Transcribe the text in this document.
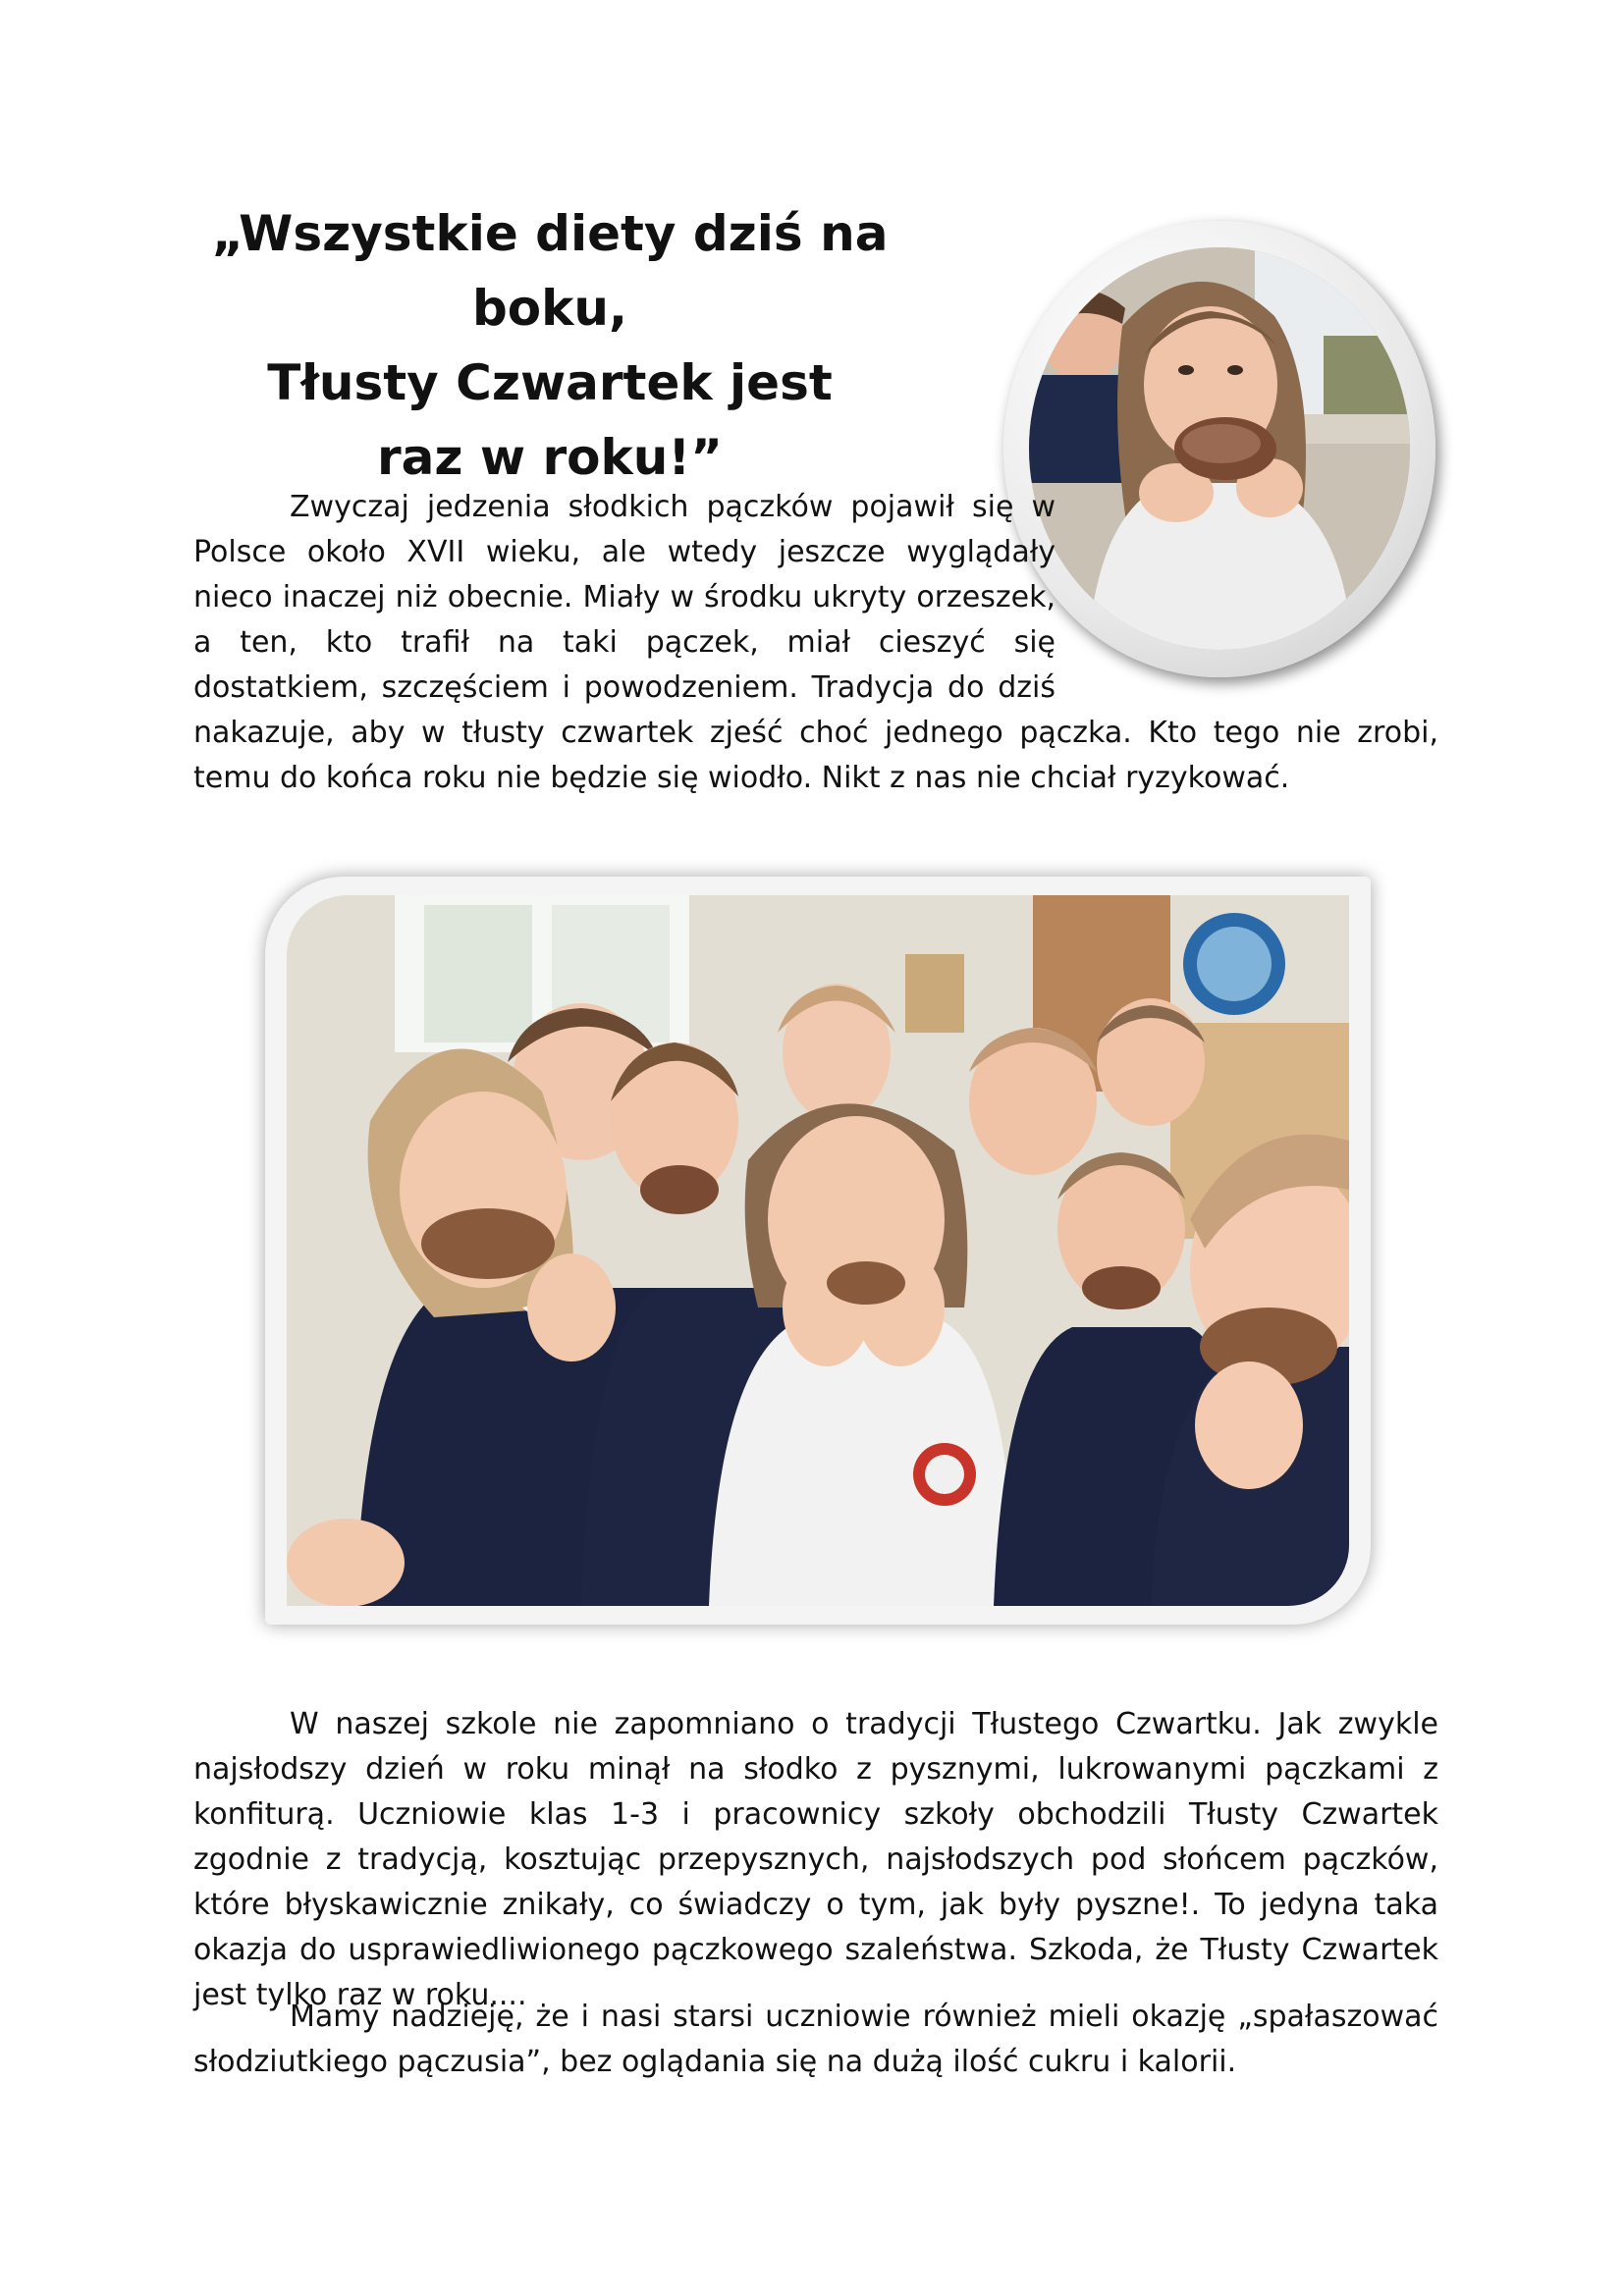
„Wszystkie diety dziś na boku,
Tłusty Czwartek jest
raz w roku!”

Zwyczaj jedzenia słodkich pączków pojawił się w Polsce około XVII wieku, ale wtedy jeszcze wyglądały nieco inaczej niż obecnie. Miały w środku ukryty orzeszek, a ten, kto trafił na taki pączek, miał cieszyć się dostatkiem, szczęściem i powodzeniem. Tradycja do dziś nakazuje, aby w tłusty czwartek zjeść choć jednego pączka. Kto tego nie zrobi, temu do końca roku nie będzie się wiodło. Nikt z nas nie chciał ryzykować.

W naszej szkole nie zapomniano o tradycji Tłustego Czwartku. Jak zwykle najsłodszy dzień w roku minął na słodko z pysznymi, lukrowanymi pączkami z konfiturą. Uczniowie klas 1-3 i pracownicy szkoły obchodzili Tłusty Czwartek zgodnie z tradycją, kosztując przepysznych, najsłodszych pod słońcem pączków, które błyskawicznie znikały, co świadczy o tym, jak były pyszne!. To jedyna taka okazja do usprawiedliwionego pączkowego szaleństwa. Szkoda, że Tłusty Czwartek jest tylko raz w roku....

Mamy nadzieję, że i nasi starsi uczniowie również mieli okazję „spałaszować słodziutkiego pączusia”, bez oglądania się na dużą ilość cukru i kalorii.
